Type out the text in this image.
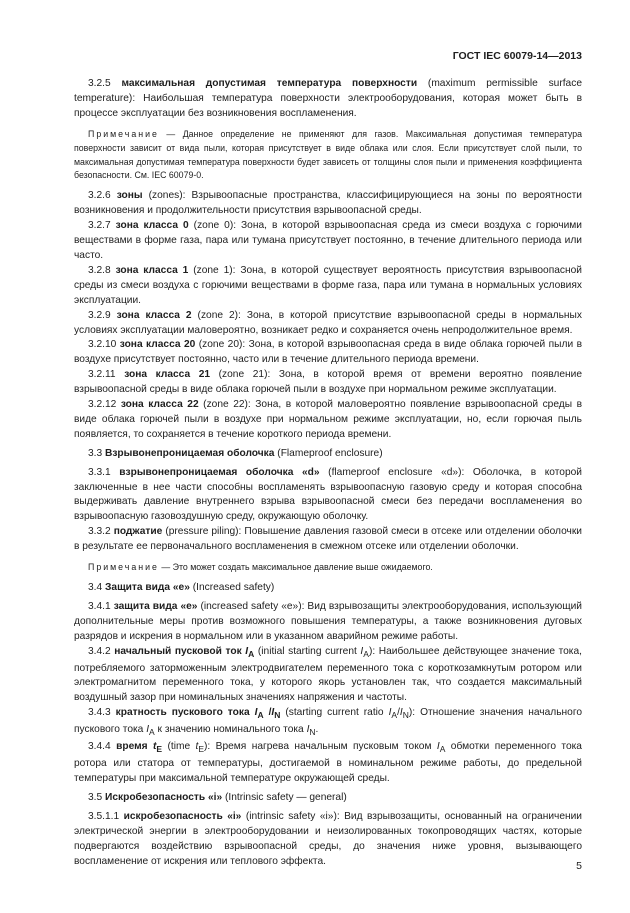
ГОСТ IEC 60079-14—2013

3.2.5 максимальная допустимая температура поверхности (maximum permissible surface temperature): Наибольшая температура поверхности электрооборудования, которая может быть в процессе эксплуатации без возникновения воспламенения.

Примечание — Данное определение не применяют для газов. Максимальная допустимая температура поверхности зависит от вида пыли, которая присутствует в виде облака или слоя. Если присутствует слой пыли, то максимальная допустимая температура поверхности будет зависеть от толщины слоя пыли и применения коэффициента безопасности. См. IEC 60079-0.

3.2.6 зоны (zones): Взрывоопасные пространства, классифицирующиеся на зоны по вероятности возникновения и продолжительности присутствия взрывоопасной среды.

3.2.7 зона класса 0 (zone 0): Зона, в которой взрывоопасная среда из смеси воздуха с горючими веществами в форме газа, пара или тумана присутствует постоянно, в течение длительного периода или часто.

3.2.8 зона класса 1 (zone 1): Зона, в которой существует вероятность присутствия взрывоопасной среды из смеси воздуха с горючими веществами в форме газа, пара или тумана в нормальных условиях эксплуатации.

3.2.9 зона класса 2 (zone 2): Зона, в которой присутствие взрывоопасной среды в нормальных условиях эксплуатации маловероятно, возникает редко и сохраняется очень непродолжительное время.

3.2.10 зона класса 20 (zone 20): Зона, в которой взрывоопасная среда в виде облака горючей пыли в воздухе присутствует постоянно, часто или в течение длительного периода времени.

3.2.11 зона класса 21 (zone 21): Зона, в которой время от времени вероятно появление взрывоопасной среды в виде облака горючей пыли в воздухе при нормальном режиме эксплуатации.

3.2.12 зона класса 22 (zone 22): Зона, в которой маловероятно появление взрывоопасной среды в виде облака горючей пыли в воздухе при нормальном режиме эксплуатации, но, если горючая пыль появляется, то сохраняется в течение короткого периода времени.

3.3 Взрывонепроницаемая оболочка (Flameproof enclosure)

3.3.1 взрывонепроницаемая оболочка «d» (flameproof enclosure «d»): Оболочка, в которой заключенные в нее части способны воспламенять взрывоопасную газовую среду и которая способна выдерживать давление внутреннего взрыва взрывоопасной смеси без передачи воспламенения во взрывоопасную газовоздушную среду, окружающую оболочку.

3.3.2 поджатие (pressure piling): Повышение давления газовой смеси в отсеке или отделении оболочки в результате ее первоначального воспламенения в смежном отсеке или отделении оболочки.

Примечание — Это может создать максимальное давление выше ожидаемого.

3.4 Защита вида «е» (Increased safety)

3.4.1 защита вида «е» (increased safety «e»): Вид взрывозащиты электрооборудования, использующий дополнительные меры против возможного повышения температуры, а также возникновения дуговых разрядов и искрения в нормальном или в указанном аварийном режиме работы.

3.4.2 начальный пусковой ток $I_A$ (initial starting current $I_A$): Наибольшее действующее значение тока, потребляемого заторможенным электродвигателем переменного тока с короткозамкнутым ротором или электромагнитом переменного тока, у которого якорь установлен так, что создается максимальный воздушный зазор при номинальных значениях напряжения и частоты.

3.4.3 кратность пускового тока $I_A$ $/I_N$ (starting current ratio $I_A/I_N$): Отношение значения начального пускового тока $I_A$ к значению номинального тока $I_N$.

3.4.4 время $t_E$ (time $t_E$): Время нагрева начальным пусковым током $I_A$ обмотки переменного тока ротора или статора от температуры, достигаемой в номинальном режиме работы, до предельной температуры при максимальной температуре окружающей среды.

3.5 Искробезопасность «i» (Intrinsic safety — general)

3.5.1.1 искробезопасность «i» (intrinsic safety «i»): Вид взрывозащиты, основанный на ограничении электрической энергии в электрооборудовании и неизолированных токопроводящих частях, которые подвергаются воздействию взрывоопасной среды, до значения ниже уровня, вызывающего воспламенение от искрения или теплового эффекта.	5
